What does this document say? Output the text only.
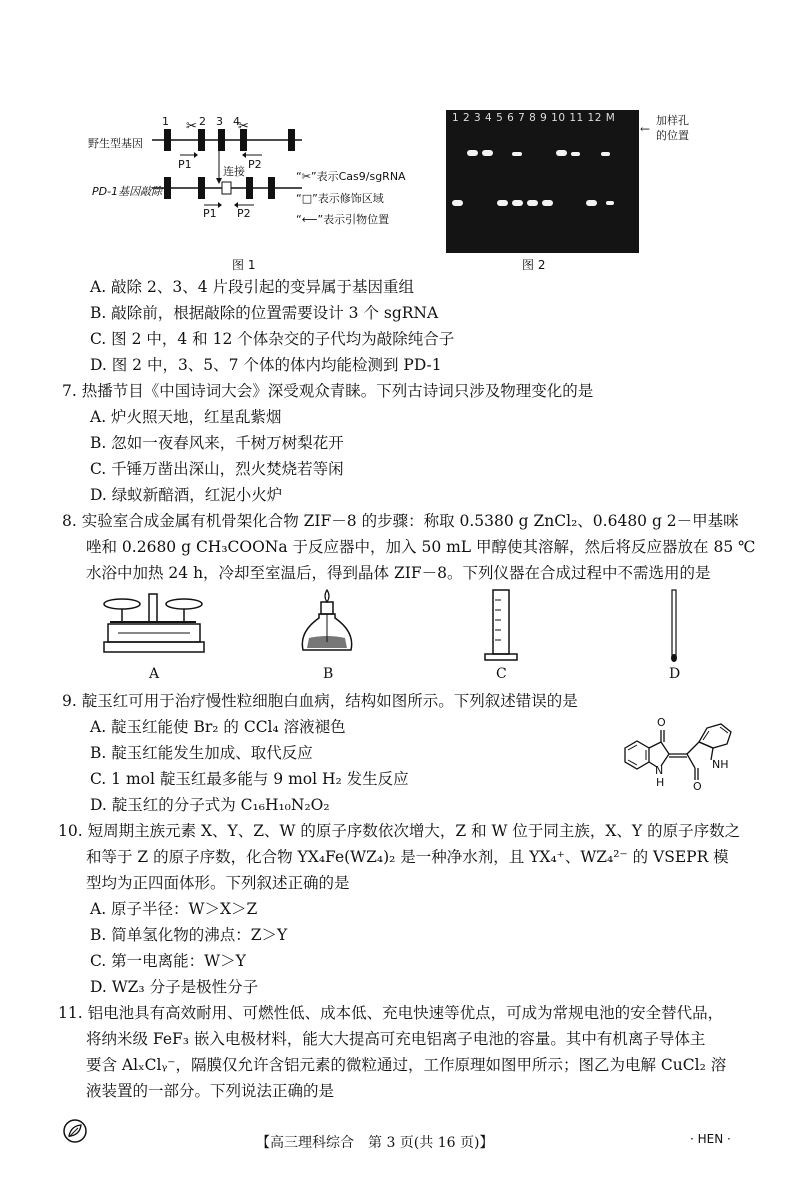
✂	✂
野生型基因
PD-1基因敲除
1	2 3 4
P1	P2
连接
P1 P2
“✂”表示Cas9/sgRNA
“□”表示修饰区域
“⟵”表示引物位置
图 1
1 2 3 4 5 6 7 8 9 10 11 12 M
←
加样孔
的位置
图 2
A. 敲除 2、3、4 片段引起的变异属于基因重组
B. 敲除前，根据敲除的位置需要设计 3 个 sgRNA
C. 图 2 中，4 和 12 个体杂交的子代均为敲除纯合子
D. 图 2 中，3、5、7 个体的体内均能检测到 PD-1
7. 热播节目《中国诗词大会》深受观众青睐。下列古诗词只涉及物理变化的是
A. 炉火照天地，红星乱紫烟
B. 忽如一夜春风来，千树万树梨花开
C. 千锤万凿出深山，烈火焚烧若等闲
D. 绿蚁新醅酒，红泥小火炉
8. 实验室合成金属有机骨架化合物 ZIF－8 的步骤：称取 0.5380 g ZnCl₂、0.6480 g 2－甲基咪
唑和 0.2680 g CH₃COONa 于反应器中，加入 50 mL 甲醇使其溶解，然后将反应器放在 85 ℃
水浴中加热 24 h，冷却至室温后，得到晶体 ZIF－8。下列仪器在合成过程中不需选用的是
A	B	C	D
9. 靛玉红可用于治疗慢性粒细胞白血病，结构如图所示。下列叙述错误的是
A. 靛玉红能使 Br₂ 的 CCl₄ 溶液褪色
B. 靛玉红能发生加成、取代反应
C. 1 mol 靛玉红最多能与 9 mol H₂ 发生反应
D. 靛玉红的分子式为 C₁₆H₁₀N₂O₂
O
N
H
NH
O
10. 短周期主族元素 X、Y、Z、W 的原子序数依次增大，Z 和 W 位于同主族，X、Y 的原子序数之
和等于 Z 的原子序数，化合物 YX₄Fe(WZ₄)₂ 是一种净水剂，且 YX₄⁺、WZ₄²⁻ 的 VSEPR 模
型均为正四面体形。下列叙述正确的是
A. 原子半径：W＞X＞Z
B. 简单氢化物的沸点：Z＞Y
C. 第一电离能：W＞Y
D. WZ₃ 分子是极性分子
11. 铝电池具有高效耐用、可燃性低、成本低、充电快速等优点，可成为常规电池的安全替代品，
将纳米级 FeF₃ 嵌入电极材料，能大大提高可充电铝离子电池的容量。其中有机离子导体主
要含 AlₓClᵧ⁻，隔膜仅允许含铝元素的微粒通过，工作原理如图甲所示；图乙为电解 CuCl₂ 溶
液装置的一部分。下列说法正确的是
【高三理科综合　第 3 页(共 16 页)】	· HEN ·
